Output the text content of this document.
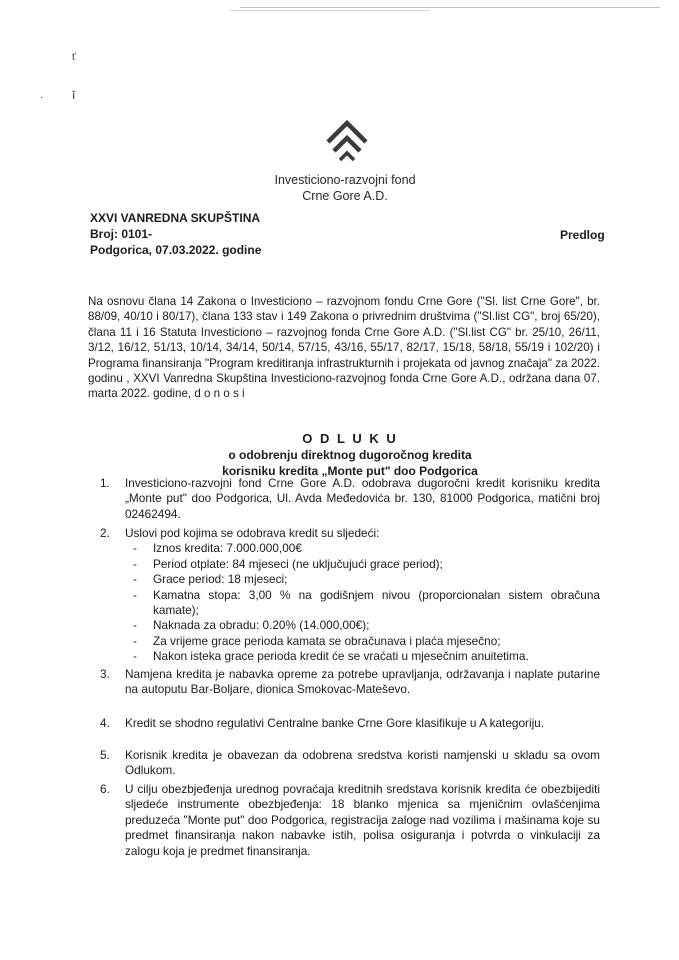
ť
· ī
Investiciono-razvojni fond
Crne Gore A.D.
XXVI VANREDNA SKUPŠTINA
Broj: 0101-
Podgorica, 07.03.2022. godine
Predlog
Na osnovu člana 14 Zakona o Investiciono – razvojnom fondu Crne Gore ("Sl. list Crne Gore", br. 88/09, 40/10 i 80/17), člana 133 stav i 149 Zakona o privrednim društvima ("Sl.list CG", broj 65/20), člana 11 i 16 Statuta Investiciono – razvojnog fonda Crne Gore A.D. ("Sl.list CG" br. 25/10, 26/11, 3/12, 16/12, 51/13, 10/14, 34/14, 50/14, 57/15, 43/16, 55/17, 82/17, 15/18, 58/18, 55/19 i 102/20) i Programa finansiranja "Program kreditiranja infrastrukturnih i projekata od javnog značaja" za 2022. godinu , XXVI Vanredna Skupština Investiciono-razvojnog fonda Crne Gore A.D., održana dana 07. marta 2022. godine, d o n o s i
O D L U K U
o odobrenju direktnog dugoročnog kredita
korisniku kredita „Monte put" doo Podgorica
1.	Investiciono-razvojni fond Crne Gore A.D. odobrava dugoročni kredit korisniku kredita „Monte put" doo Podgorica, Ul. Avda Međedovića br. 130, 81000 Podgorica, matični broj 02462494.
2.	Uslovi pod kojima se odobrava kredit su sljedeći:
- Iznos kredita: 7.000.000,00€
- Period otplate: 84 mjeseci (ne uključujući grace period);
- Grace period: 18 mjeseci;
- Kamatna stopa: 3,00 % na godišnjem nivou (proporcionalan sistem obračuna kamate);
- Naknada za obradu: 0.20% (14.000,00€);
- Za vrijeme grace perioda kamata se obračunava i plaća mjesečno;
- Nakon isteka grace perioda kredit će se vraćati u mjesečnim anuitetima.
3.	Namjena kredita je nabavka opreme za potrebe upravljanja, održavanja i naplate putarine na autoputu Bar-Boljare, dionica Smokovac-Mateševo.
4.	Kredit se shodno regulativi Centralne banke Crne Gore klasifikuje u A kategoriju.
5.	Korisnik kredita je obavezan da odobrena sredstva koristi namjenski u skladu sa ovom Odlukom.
6.	U cilju obezbjeđenja urednog povraćaja kreditnih sredstava korisnik kredita će obezbijediti sljedeće instrumente obezbjeđenja: 18 blanko mjenica sa mjeničnim ovlašćenjima preduzeća "Monte put" doo Podgorica, registracija zaloge nad vozilima i mašinama koje su predmet finansiranja nakon nabavke istih, polisa osiguranja i potvrda o vinkulaciji za zalogu koja je predmet finansiranja.
